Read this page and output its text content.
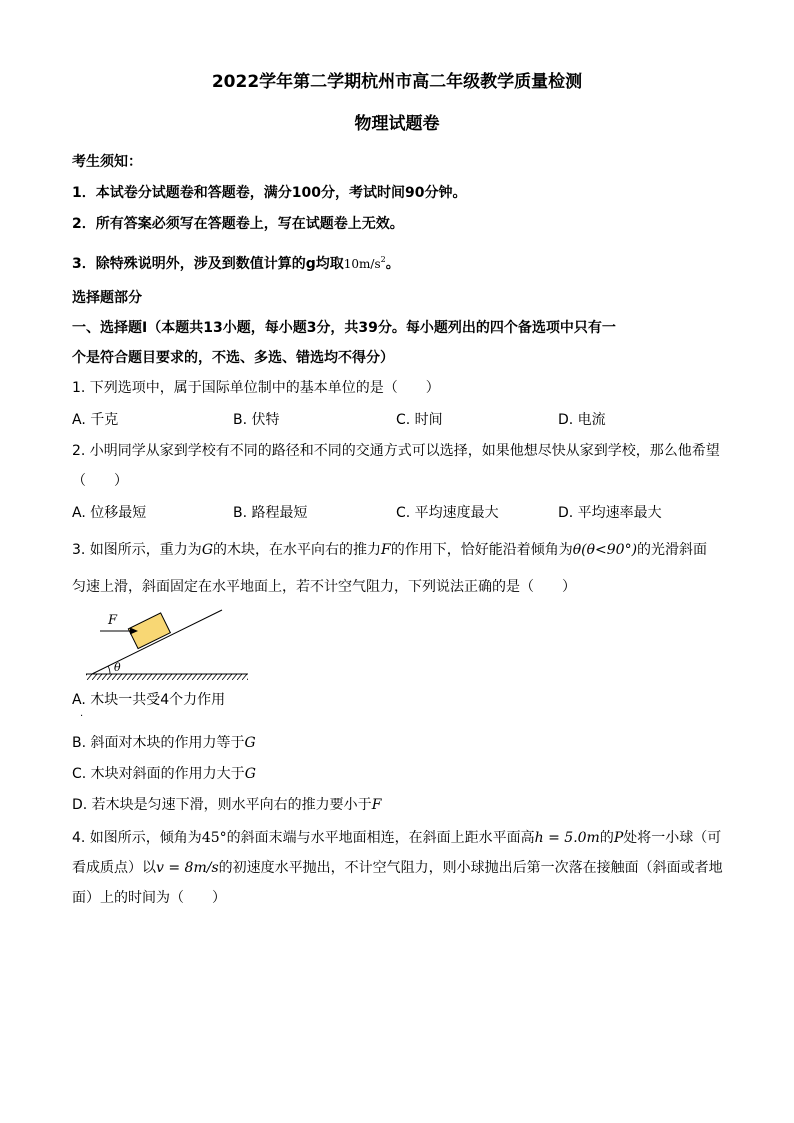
2022学年第二学期杭州市高二年级教学质量检测
物理试题卷
考生须知：
1．本试卷分试题卷和答题卷，满分100分，考试时间90分钟。
2．所有答案必须写在答题卷上，写在试题卷上无效。
3．除特殊说明外，涉及到数值计算的g均取$10m/s^2$。
选择题部分
一、选择题Ⅰ（本题共13小题，每小题3分，共39分。每小题列出的四个备选项中只有一
个是符合题目要求的，不选、多选、错选均不得分）
1. 下列选项中，属于国际单位制中的基本单位的是（　　）
A. 千克	B. 伏特	C. 时间	D. 电流
2. 小明同学从家到学校有不同的路径和不同的交通方式可以选择，如果他想尽快从家到学校，那么他希望
（　　）
A. 位移最短	B. 路程最短	C. 平均速度最大	D. 平均速率最大
3. 如图所示，重力为G的木块，在水平向右的推力F的作用下，恰好能沿着倾角为θ(θ<90°)的光滑斜面
匀速上滑，斜面固定在水平地面上，若不计空气阻力，下列说法正确的是（　　）
F
θ
A. 木块一共受4个力作用
.
B. 斜面对木块的作用力等于G
C. 木块对斜面的作用力大于G
D. 若木块是匀速下滑，则水平向右的推力要小于F
4. 如图所示，倾角为45°的斜面末端与水平地面相连，在斜面上距水平面高h = 5.0m的P处将一小球（可
看成质点）以v = 8m/s的初速度水平抛出，不计空气阻力，则小球抛出后第一次落在接触面（斜面或者地
面）上的时间为（　　）
